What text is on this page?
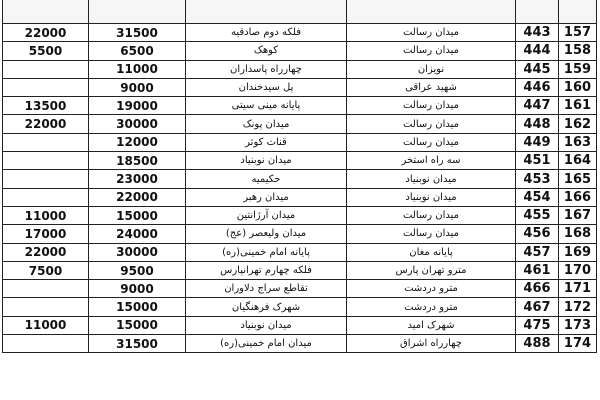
22000	31500	فلکه دوم صادقیه	میدان رسالت	443	157
5500	6500	کوهک	میدان رسالت	444	158
	11000	چهارراه پاسداران	نویزان	445	159
	9000	پل سیدخندان	شهید عراقی	446	160
13500	19000	پایانه مینی سیتی	میدان رسالت	447	161
22000	30000	میدان پونک	میدان رسالت	448	162
	12000	قنات کوثر	میدان رسالت	449	163
	18500	میدان نوبنیاد	سه راه استخر	451	164
	23000	حکیمیه	میدان نوبنیاد	453	165
	22000	میدان رهبر	میدان نوبنیاد	454	166
11000	15000	میدان آرژانتین	میدان رسالت	455	167
17000	24000	میدان ولیعصر (عج)	میدان رسالت	456	168
22000	30000	پایانه امام خمینی(ره)	پایانه مغان	457	169
7500	9500	فلکه چهارم تهرانپارس	مترو تهران پارس	461	170
	9000	تقاطع سراج دلاوران	مترو دردشت	466	171
	15000	شهرک فرهنگیان	مترو دردشت	467	172
11000	15000	میدان نوبنیاد	شهرک امید	475	173
	31500	میدان امام خمینی(ره)	چهارراه اشراق	488	174
